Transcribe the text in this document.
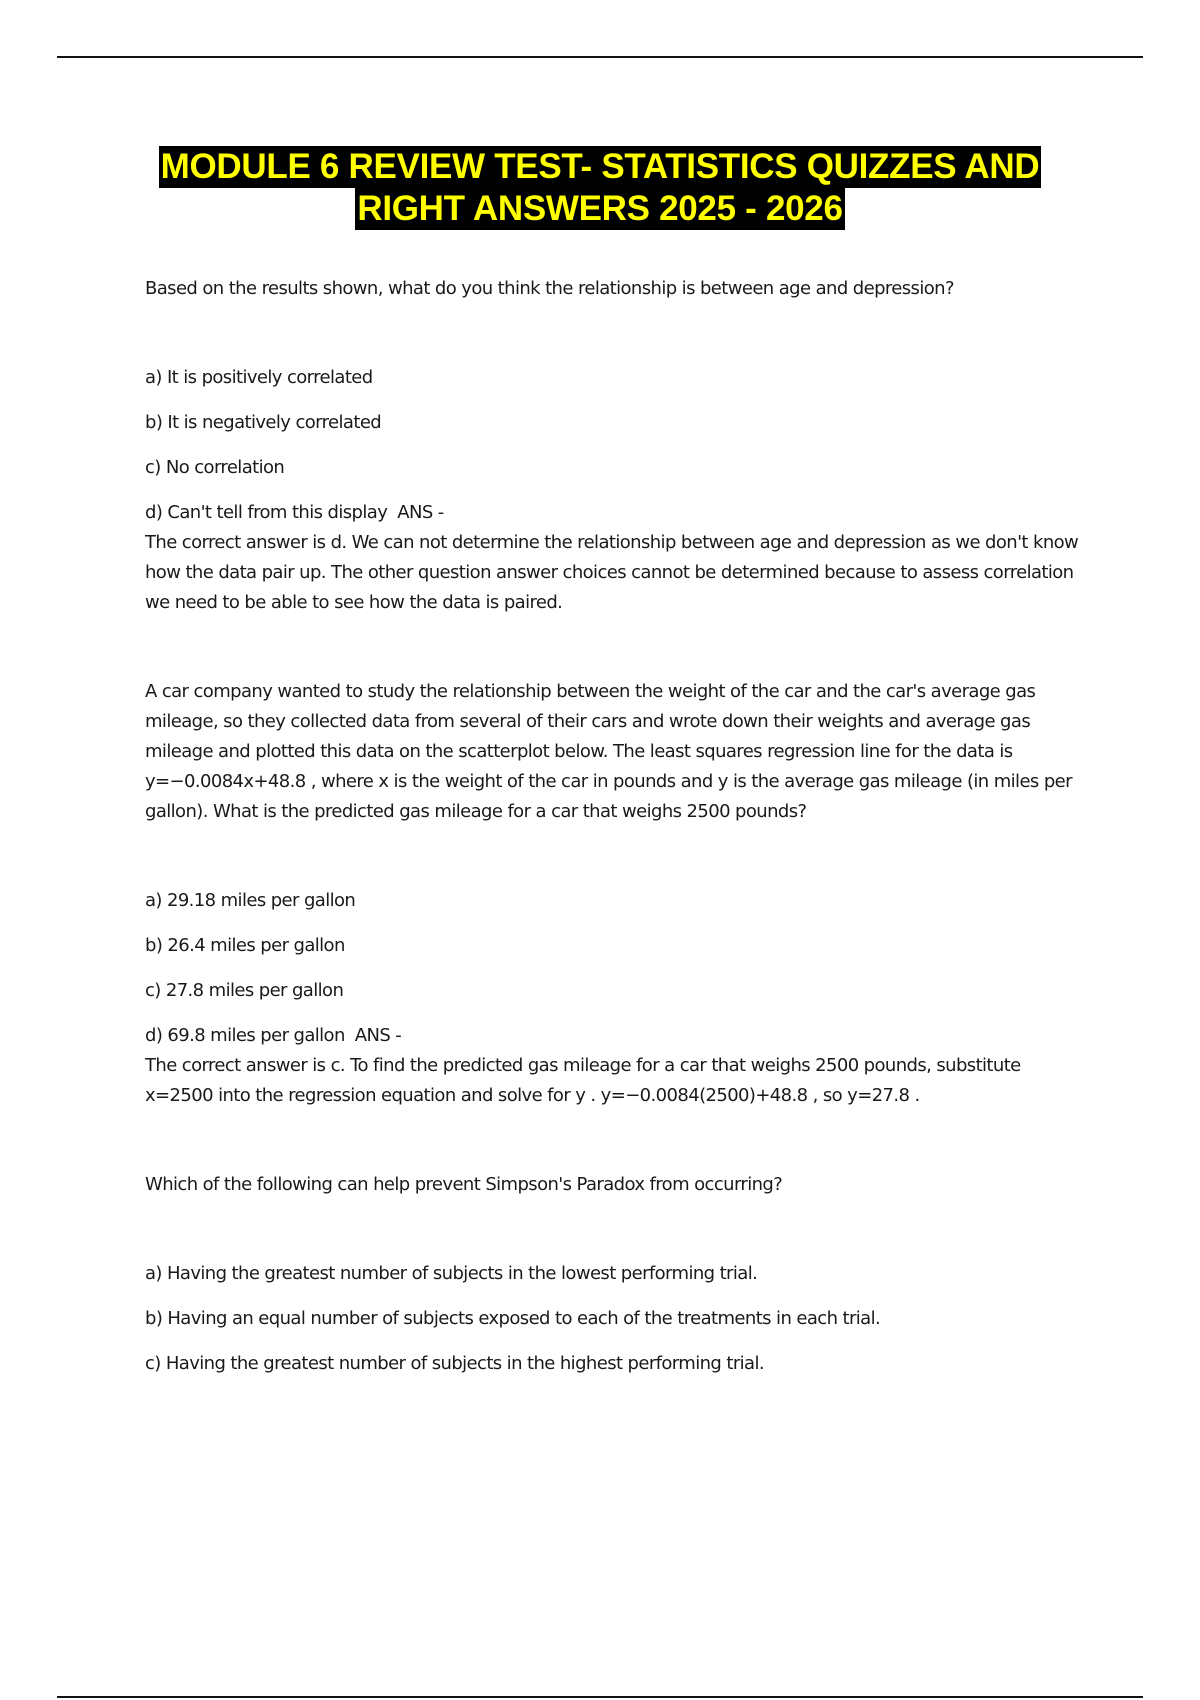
MODULE 6 REVIEW TEST- STATISTICS QUIZZES AND
RIGHT ANSWERS 2025 - 2026

Based on the results shown, what do you think the relationship is between age and depression?

a) It is positively correlated

b) It is negatively correlated

c) No correlation

d) Can't tell from this display ANS -

The correct answer is d. We can not determine the relationship between age and depression as we don't know how the data pair up. The other question answer choices cannot be determined because to assess correlation we need to be able to see how the data is paired.

A car company wanted to study the relationship between the weight of the car and the car's average gas mileage, so they collected data from several of their cars and wrote down their weights and average gas mileage and plotted this data on the scatterplot below. The least squares regression line for the data is y=−0.0084x+48.8 , where x is the weight of the car in pounds and y is the average gas mileage (in miles per gallon). What is the predicted gas mileage for a car that weighs 2500 pounds?

a) 29.18 miles per gallon

b) 26.4 miles per gallon

c) 27.8 miles per gallon

d) 69.8 miles per gallon ANS -

The correct answer is c. To find the predicted gas mileage for a car that weighs 2500 pounds, substitute x=2500 into the regression equation and solve for y . y=−0.0084(2500)+48.8 , so y=27.8 .

Which of the following can help prevent Simpson's Paradox from occurring?

a) Having the greatest number of subjects in the lowest performing trial.

b) Having an equal number of subjects exposed to each of the treatments in each trial.

c) Having the greatest number of subjects in the highest performing trial.
